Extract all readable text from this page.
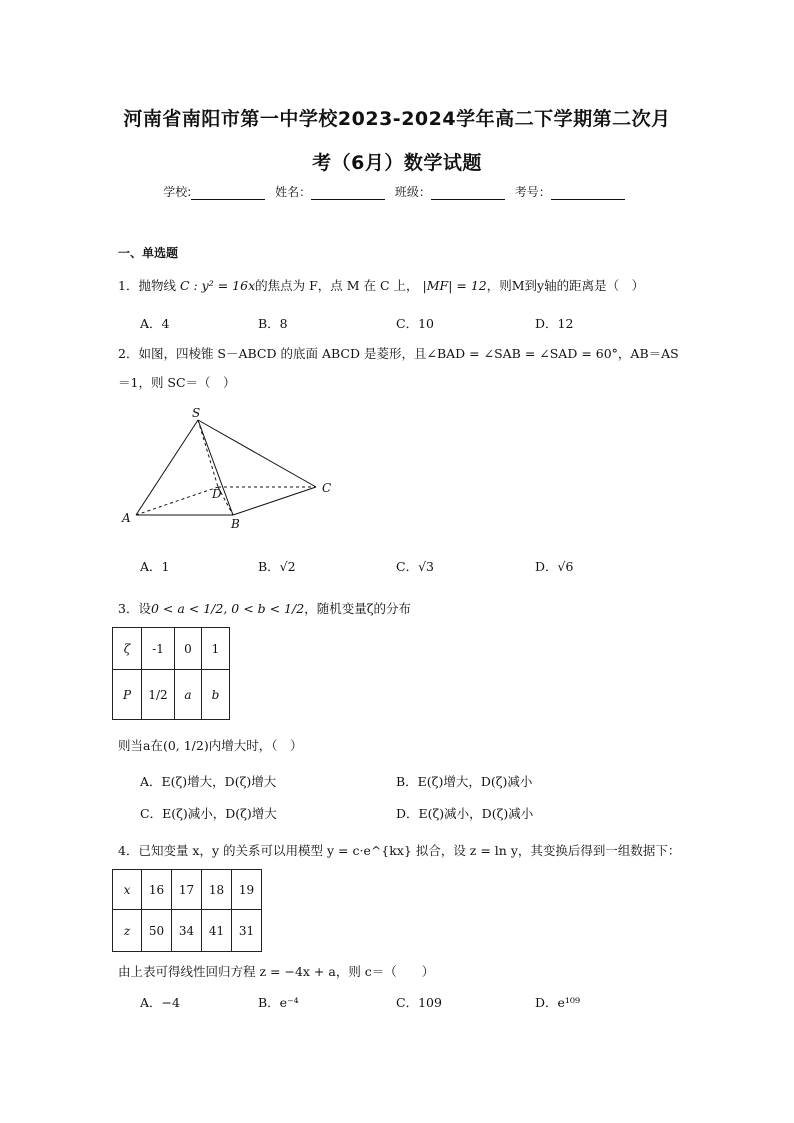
河南省南阳市第一中学校2023-2024学年高二下学期第二次月
考（6月）数学试题
学校:	姓名：	班级：	考号：
一、单选题
1．抛物线 C : y² = 16x的焦点为 F，点 M 在 C 上， |MF| = 12，则M到y轴的距离是（　）
A．4	B．8	C．10	D．12
2．如图，四棱锥 S－ABCD 的底面 ABCD 是菱形，且∠BAD = ∠SAB = ∠SAD = 60°，AB＝AS
＝1，则 SC＝（　）
S
A	B
C
D
A．1	B．√2	C．√3	D．√6
3．设0 < a < 1/2, 0 < b < 1/2，随机变量ζ的分布
ζ	-1	0	1
P	1/2	a	b
则当a在(0, 1/2)内增大时，（　）
A．E(ζ)增大，D(ζ)增大	B．E(ζ)增大，D(ζ)减小
C．E(ζ)减小，D(ζ)增大	D．E(ζ)减小，D(ζ)减小
4．已知变量 x，y 的关系可以用模型 y = c·e^{kx} 拟合，设 z = ln y，其变换后得到一组数据下：
x	16	17	18	19
z	50	34	41	31
由上表可得线性回归方程 z = −4x + a，则 c＝（　　）
A．−4	B．e⁻⁴	C．109	D．e¹⁰⁹
